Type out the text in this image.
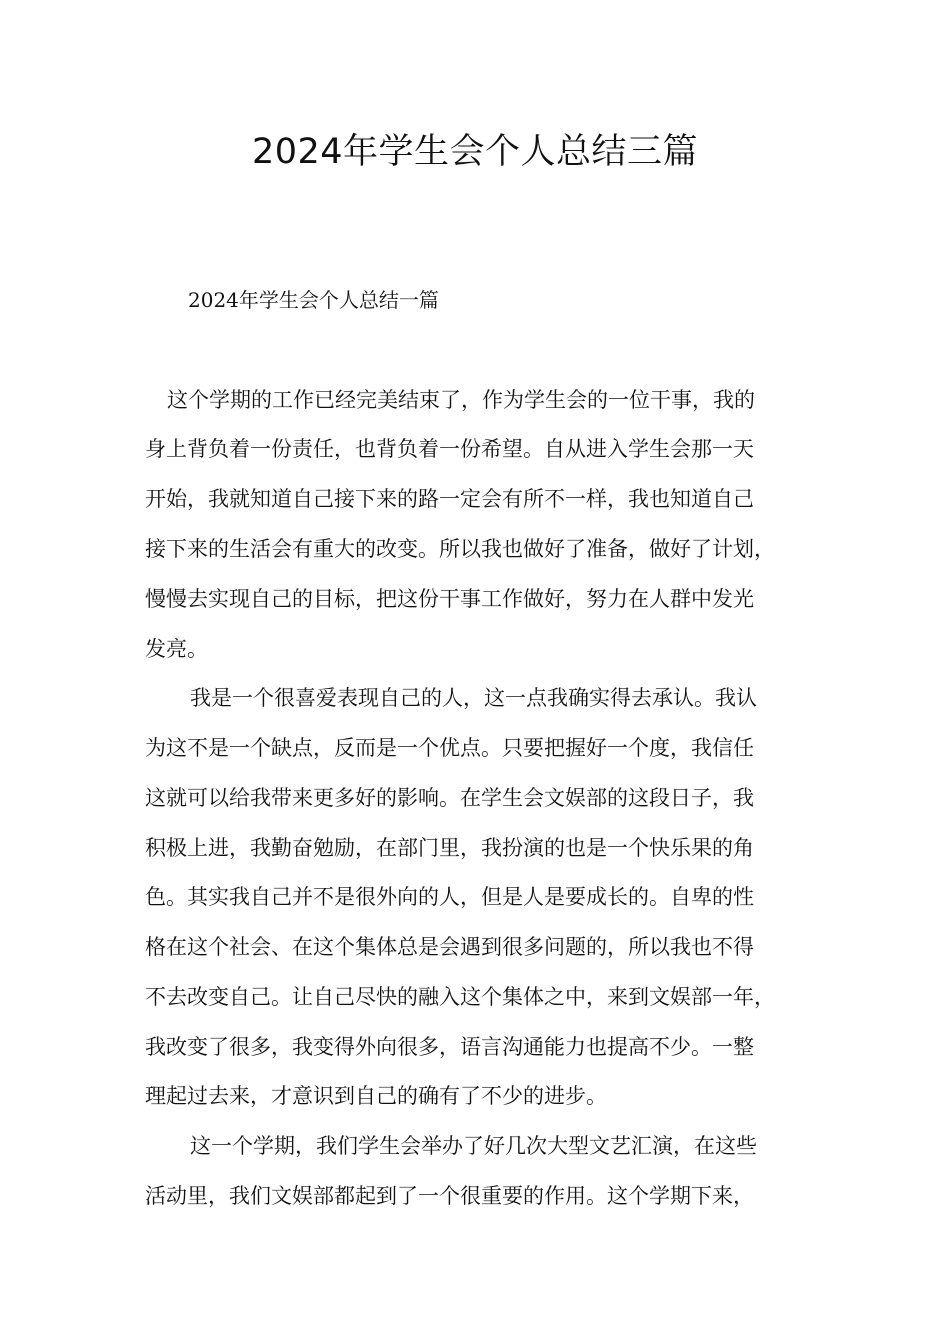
2024年学生会个人总结三篇
2024年学生会个人总结一篇
这个学期的工作已经完美结束了，作为学生会的一位干事，我的
身上背负着一份责任，也背负着一份希望。自从进入学生会那一天
开始，我就知道自己接下来的路一定会有所不一样，我也知道自己
接下来的生活会有重大的改变。所以我也做好了准备，做好了计划，
慢慢去实现自己的目标，把这份干事工作做好，努力在人群中发光
发亮。
我是一个很喜爱表现自己的人，这一点我确实得去承认。我认
为这不是一个缺点，反而是一个优点。只要把握好一个度，我信任
这就可以给我带来更多好的影响。在学生会文娱部的这段日子，我
积极上进，我勤奋勉励，在部门里，我扮演的也是一个快乐果的角
色。其实我自己并不是很外向的人，但是人是要成长的。自卑的性
格在这个社会、在这个集体总是会遇到很多问题的，所以我也不得
不去改变自己。让自己尽快的融入这个集体之中，来到文娱部一年，
我改变了很多，我变得外向很多，语言沟通能力也提高不少。一整
理起过去来，才意识到自己的确有了不少的进步。
这一个学期，我们学生会举办了好几次大型文艺汇演，在这些
活动里，我们文娱部都起到了一个很重要的作用。这个学期下来，
